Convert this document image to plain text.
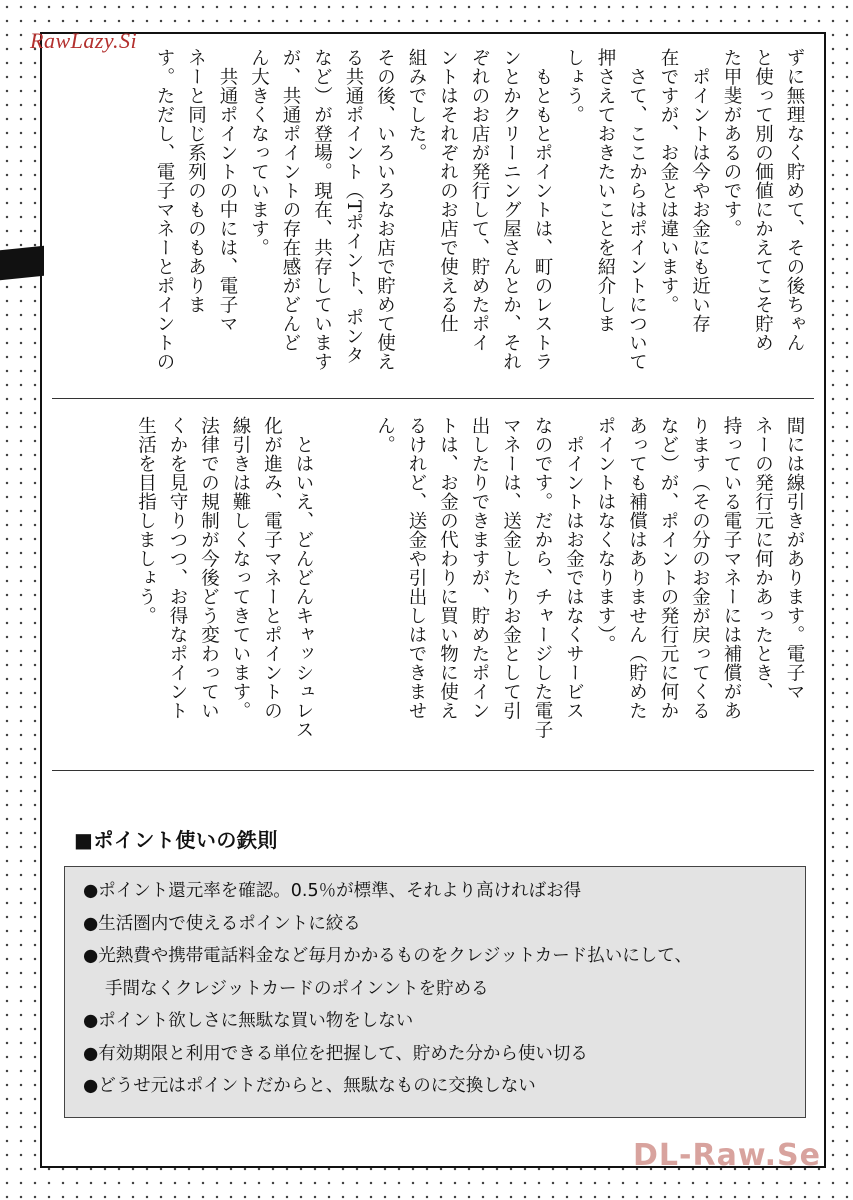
RawLazy.Si
ずに無理なく貯めて、その後ちゃん
と使って別の価値にかえてこそ貯め
た甲斐があるのです。
　ポイントは今やお金にも近い存
在ですが、お金とは違います。
　さて、ここからはポイントについて
押さえておきたいことを紹介しま
しょう。
　もともとポイントは、町のレストラ
ンとかクリーニング屋さんとか、それ
ぞれのお店が発行して、貯めたポイ
ントはそれぞれのお店で使える仕
組みでした。
その後、いろいろなお店で貯めて使え
る共通ポイント（Tポイント、ポンタ
など）が登場。現在、共存しています
が、共通ポイントの存在感がどんど
ん大きくなっています。
　共通ポイントの中には、電子マ
ネーと同じ系列のものもありま
す。ただし、電子マネーとポイントの
間には線引きがあります。電子マ
ネーの発行元に何かあったとき、
持っている電子マネーには補償があ
ります（その分のお金が戻ってくる
など）が、ポイントの発行元に何か
あっても補償はありません（貯めた
ポイントはなくなります）。
　ポイントはお金ではなくサービス
なのです。だから、チャージした電子
マネーは、送金したりお金として引
出したりできますが、貯めたポイン
トは、お金の代わりに買い物に使え
るけれど、送金や引出しはできませ
ん。
　とはいえ、どんどんキャッシュレス
化が進み、電子マネーとポイントの
線引きは難しくなってきています。
法律での規制が今後どう変わってい
くかを見守りつつ、お得なポイント
生活を目指しましょう。
■ポイント使いの鉄則
●ポイント還元率を確認。0.5％が標準、それより高ければお得
●生活圏内で使えるポイントに絞る
●光熱費や携帯電話料金など毎月かかるものをクレジットカード払いにして、
手間なくクレジットカードのポインントを貯める
●ポイント欲しさに無駄な買い物をしない
●有効期限と利用できる単位を把握して、貯めた分から使い切る
●どうせ元はポイントだからと、無駄なものに交換しない
DL-Raw.Se
